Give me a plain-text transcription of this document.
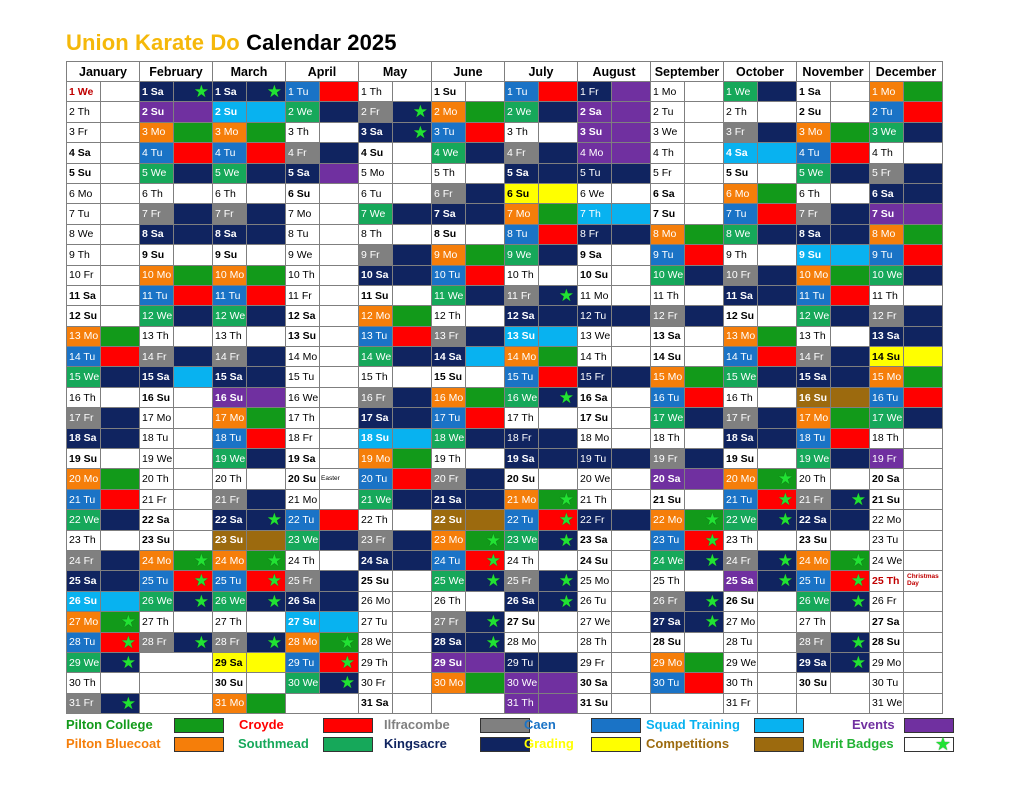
Union Karate Do Calendar 2025
January		February		March		April		May		June		July		August		September		October		November		December	
1 We		1 Sa	★	1 Sa	★	1 Tu		1 Th		1 Su		1 Tu		1 Fr		1 Mo		1 We		1 Sa		1 Mo	
2 Th		2 Su		2 Su		2 We		2 Fr	★	2 Mo		2 We		2 Sa		2 Tu		2 Th		2 Su		2 Tu	
3 Fr		3 Mo		3 Mo		3 Th		3 Sa	★	3 Tu		3 Th		3 Su		3 We		3 Fr		3 Mo		3 We	
4 Sa		4 Tu		4 Tu		4 Fr		4 Su		4 We		4 Fr		4 Mo		4 Th		4 Sa		4 Tu		4 Th	
5 Su		5 We		5 We		5 Sa		5 Mo		5 Th		5 Sa		5 Tu		5 Fr		5 Su		5 We		5 Fr	
6 Mo		6 Th		6 Th		6 Su		6 Tu		6 Fr		6 Su		6 We		6 Sa		6 Mo		6 Th		6 Sa	
7 Tu		7 Fr		7 Fr		7 Mo		7 We		7 Sa		7 Mo		7 Th		7 Su		7 Tu		7 Fr		7 Su	
8 We		8 Sa		8 Sa		8 Tu		8 Th		8 Su		8 Tu		8 Fr		8 Mo		8 We		8 Sa		8 Mo	
9 Th		9 Su		9 Su		9 We		9 Fr		9 Mo		9 We		9 Sa		9 Tu		9 Th		9 Su		9 Tu	
10 Fr		10 Mo		10 Mo		10 Th		10 Sa		10 Tu		10 Th		10 Su		10 We		10 Fr		10 Mo		10 We	
11 Sa		11 Tu		11 Tu		11 Fr		11 Su		11 We		11 Fr	★	11 Mo		11 Th		11 Sa		11 Tu		11 Th	
12 Su		12 We		12 We		12 Sa		12 Mo		12 Th		12 Sa		12 Tu		12 Fr		12 Su		12 We		12 Fr	
13 Mo		13 Th		13 Th		13 Su		13 Tu		13 Fr		13 Su		13 We		13 Sa		13 Mo		13 Th		13 Sa	
14 Tu		14 Fr		14 Fr		14 Mo		14 We		14 Sa		14 Mo		14 Th		14 Su		14 Tu		14 Fr		14 Su	
15 We		15 Sa		15 Sa		15 Tu		15 Th		15 Su		15 Tu		15 Fr		15 Mo		15 We		15 Sa		15 Mo	
16 Th		16 Su		16 Su		16 We		16 Fr		16 Mo		16 We	★	16 Sa		16 Tu		16 Th		16 Su		16 Tu	
17 Fr		17 Mo		17 Mo		17 Th		17 Sa		17 Tu		17 Th		17 Su		17 We		17 Fr		17 Mo		17 We	
18 Sa		18 Tu		18 Tu		18 Fr		18 Su		18 We		18 Fr		18 Mo		18 Th		18 Sa		18 Tu		18 Th	
19 Su		19 We		19 We		19 Sa		19 Mo		19 Th		19 Sa		19 Tu		19 Fr		19 Su		19 We		19 Fr	
20 Mo		20 Th		20 Th		20 Su	Easter	20 Tu		20 Fr		20 Su		20 We		20 Sa		20 Mo	★	20 Th		20 Sa	
21 Tu		21 Fr		21 Fr		21 Mo		21 We		21 Sa		21 Mo	★	21 Th		21 Su		21 Tu	★	21 Fr	★	21 Su	
22 We		22 Sa		22 Sa	★	22 Tu		22 Th		22 Su		22 Tu	★	22 Fr		22 Mo	★	22 We	★	22 Sa		22 Mo	
23 Th		23 Su		23 Su		23 We		23 Fr		23 Mo	★	23 We	★	23 Sa		23 Tu	★	23 Th		23 Su		23 Tu	
24 Fr		24 Mo	★	24 Mo	★	24 Th		24 Sa		24 Tu	★	24 Th		24 Su		24 We	★	24 Fr	★	24 Mo	★	24 We	
25 Sa		25 Tu	★	25 Tu	★	25 Fr		25 Su		25 We	★	25 Fr	★	25 Mo		25 Th		25 Sa	★	25 Tu	★	25 Th	Christmas Day

26 Su		26 We	★	26 We	★	26 Sa		26 Mo		26 Th		26 Sa	★	26 Tu		26 Fr	★	26 Su		26 We	★	26 Fr	
27 Mo	★	27 Th		27 Th		27 Su		27 Tu		27 Fr	★	27 Su		27 We		27 Sa	★	27 Mo		27 Th		27 Sa	
28 Tu	★	28 Fr	★	28 Fr	★	28 Mo	★	28 We		28 Sa	★	28 Mo		28 Th		28 Su		28 Tu		28 Fr	★	28 Su	
29 We	★			29 Sa		29 Tu	★	29 Th		29 Su		29 Tu		29 Fr		29 Mo		29 We		29 Sa	★	29 Mo	
30 Th				30 Su		30 We	★	30 Fr		30 Mo		30 We		30 Sa		30 Tu		30 Th		30 Su		30 Tu	
31 Fr	★			31 Mo				31 Sa				31 Th		31 Su				31 Fr				31 We	
Pilton College	Croyde	Ilfracombe	Caen	Squad Training	Events
Pilton Bluecoat	Southmead	Kingsacre	Grading	Competitions	Merit Badges ★
